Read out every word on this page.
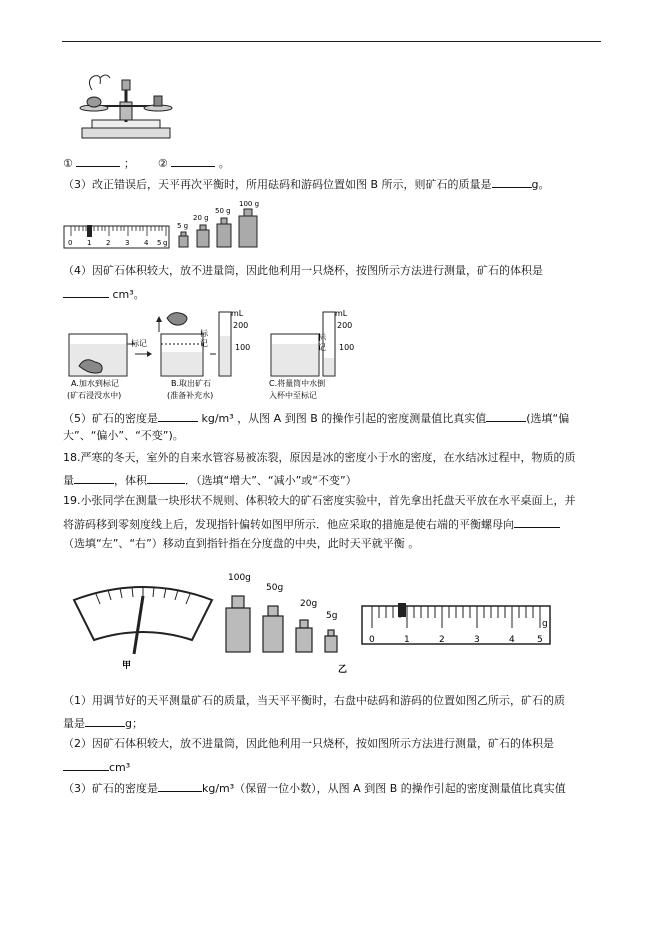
①	； ②	。
（3）改正错误后，天平再次平衡时，所用砝码和游码位置如图 B 所示，则矿石的质量是	g。
0 1 2 3 4 5 g
5 g
20 g
50 g
100 g
（4）因矿石体积较大，放不进量筒，因此他利用一只烧杯，按图所示方法进行测量，矿石的体积是
cm³。
标记
A.加水到标记
(矿石浸没水中)
标
记
B.取出矿石
(准备补充水)
mL
200
100
标
记
mL
200
100
C.将量筒中水倒
入杯中至标记
（5）矿石的密度是	kg/m³ ，从图 A 到图 B 的操作引起的密度测量值比真实值	(选填“偏
大”、“偏小”、“不变”)。
18.严寒的冬天，室外的自来水管容易被冻裂，原因是冰的密度小于水的密度，在水结冰过程中，物质的质
量	，体积	．（选填“增大”、“减小”或“不变”）
19.小张同学在测量一块形状不规则、体积较大的矿石密度实验中，首先拿出托盘天平放在水平桌面上，并
将游码移到零刻度线上后，发现指针偏转如图甲所示．他应采取的措施是使右端的平衡螺母向
（选填“左”、“右”）移动直到指针指在分度盘的中央，此时天平就平衡 。
甲
100g
50g
20g
5g
乙
0	1	2	3	4 5
g
（1）用调节好的天平测量矿石的质量，当天平平衡时，右盘中砝码和游码的位置如图乙所示，矿石的质
量是	g；
（2）因矿石体积较大，放不进量筒，因此他利用一只烧杯，按如图所示方法进行测量，矿石的体积是
cm³
（3）矿石的密度是	kg/m³（保留一位小数），从图 A 到图 B 的操作引起的密度测量值比真实值
